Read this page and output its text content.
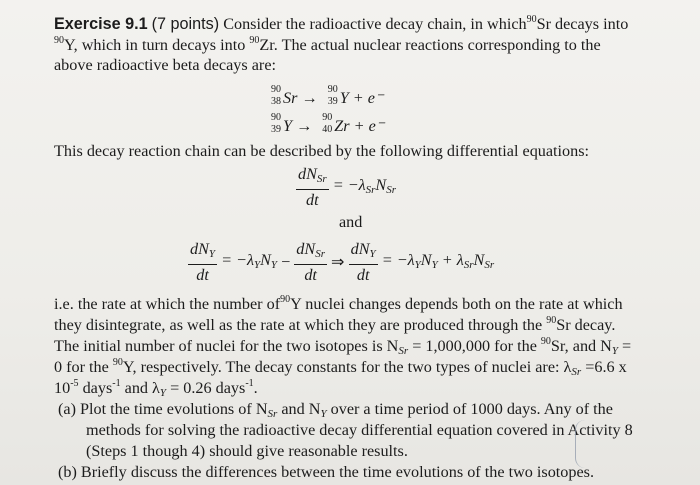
Exercise 9.1 (7 points) Consider the radioactive decay chain, in which$^{90}$Sr decays into
$^{90}$Y, which in turn decays into $^{90}$Zr. The actual nuclear reactions corresponding to the
above radioactive beta decays are:
90
38 Sr →	90
39 Y + e⁻
90
39 Y →	90
40 Zr + e⁻
This decay reaction chain can be described by the following differential equations:
$\frac{dN_{Sr}}{dt} = -\lambda_{Sr}N_{Sr}$
and
$\frac{dN_Y}{dt} = -\lambda_YN_Y - \frac{dN_{Sr}}{dt}$ ⇒ $\frac{dN_Y}{dt} = -\lambda_YN_Y + \lambda_{Sr}N_{Sr}$
i.e. the rate at which the number $of^{90}Y$ nuclei changes depends both on the rate at which
they disintegrate, as well as the rate at which they are produced through the $^{90}$Sr decay.
The initial number of nuclei for the two isotopes is $N_{Sr} = 1,000,000$ for the $^{90}$Sr, and $N_Y$ =
0 for the $^{90}$Y, respectively. The decay constants for the two types of nuclei are: $\lambda_{Sr} =6.6$ x
$10^{-5}$ days$^{-1}$ and $\lambda_Y = 0.26$ days$^{-1}$.
(a) Plot the time evolutions of $N_{Sr}$ and $N_Y$ over a time period of 1000 days. Any of the
methods for solving the radioactive decay differential equation covered in Activity 8
(Steps 1 though 4) should give reasonable results.
(b) Briefly discuss the differences between the time evolutions of the two isotopes.
